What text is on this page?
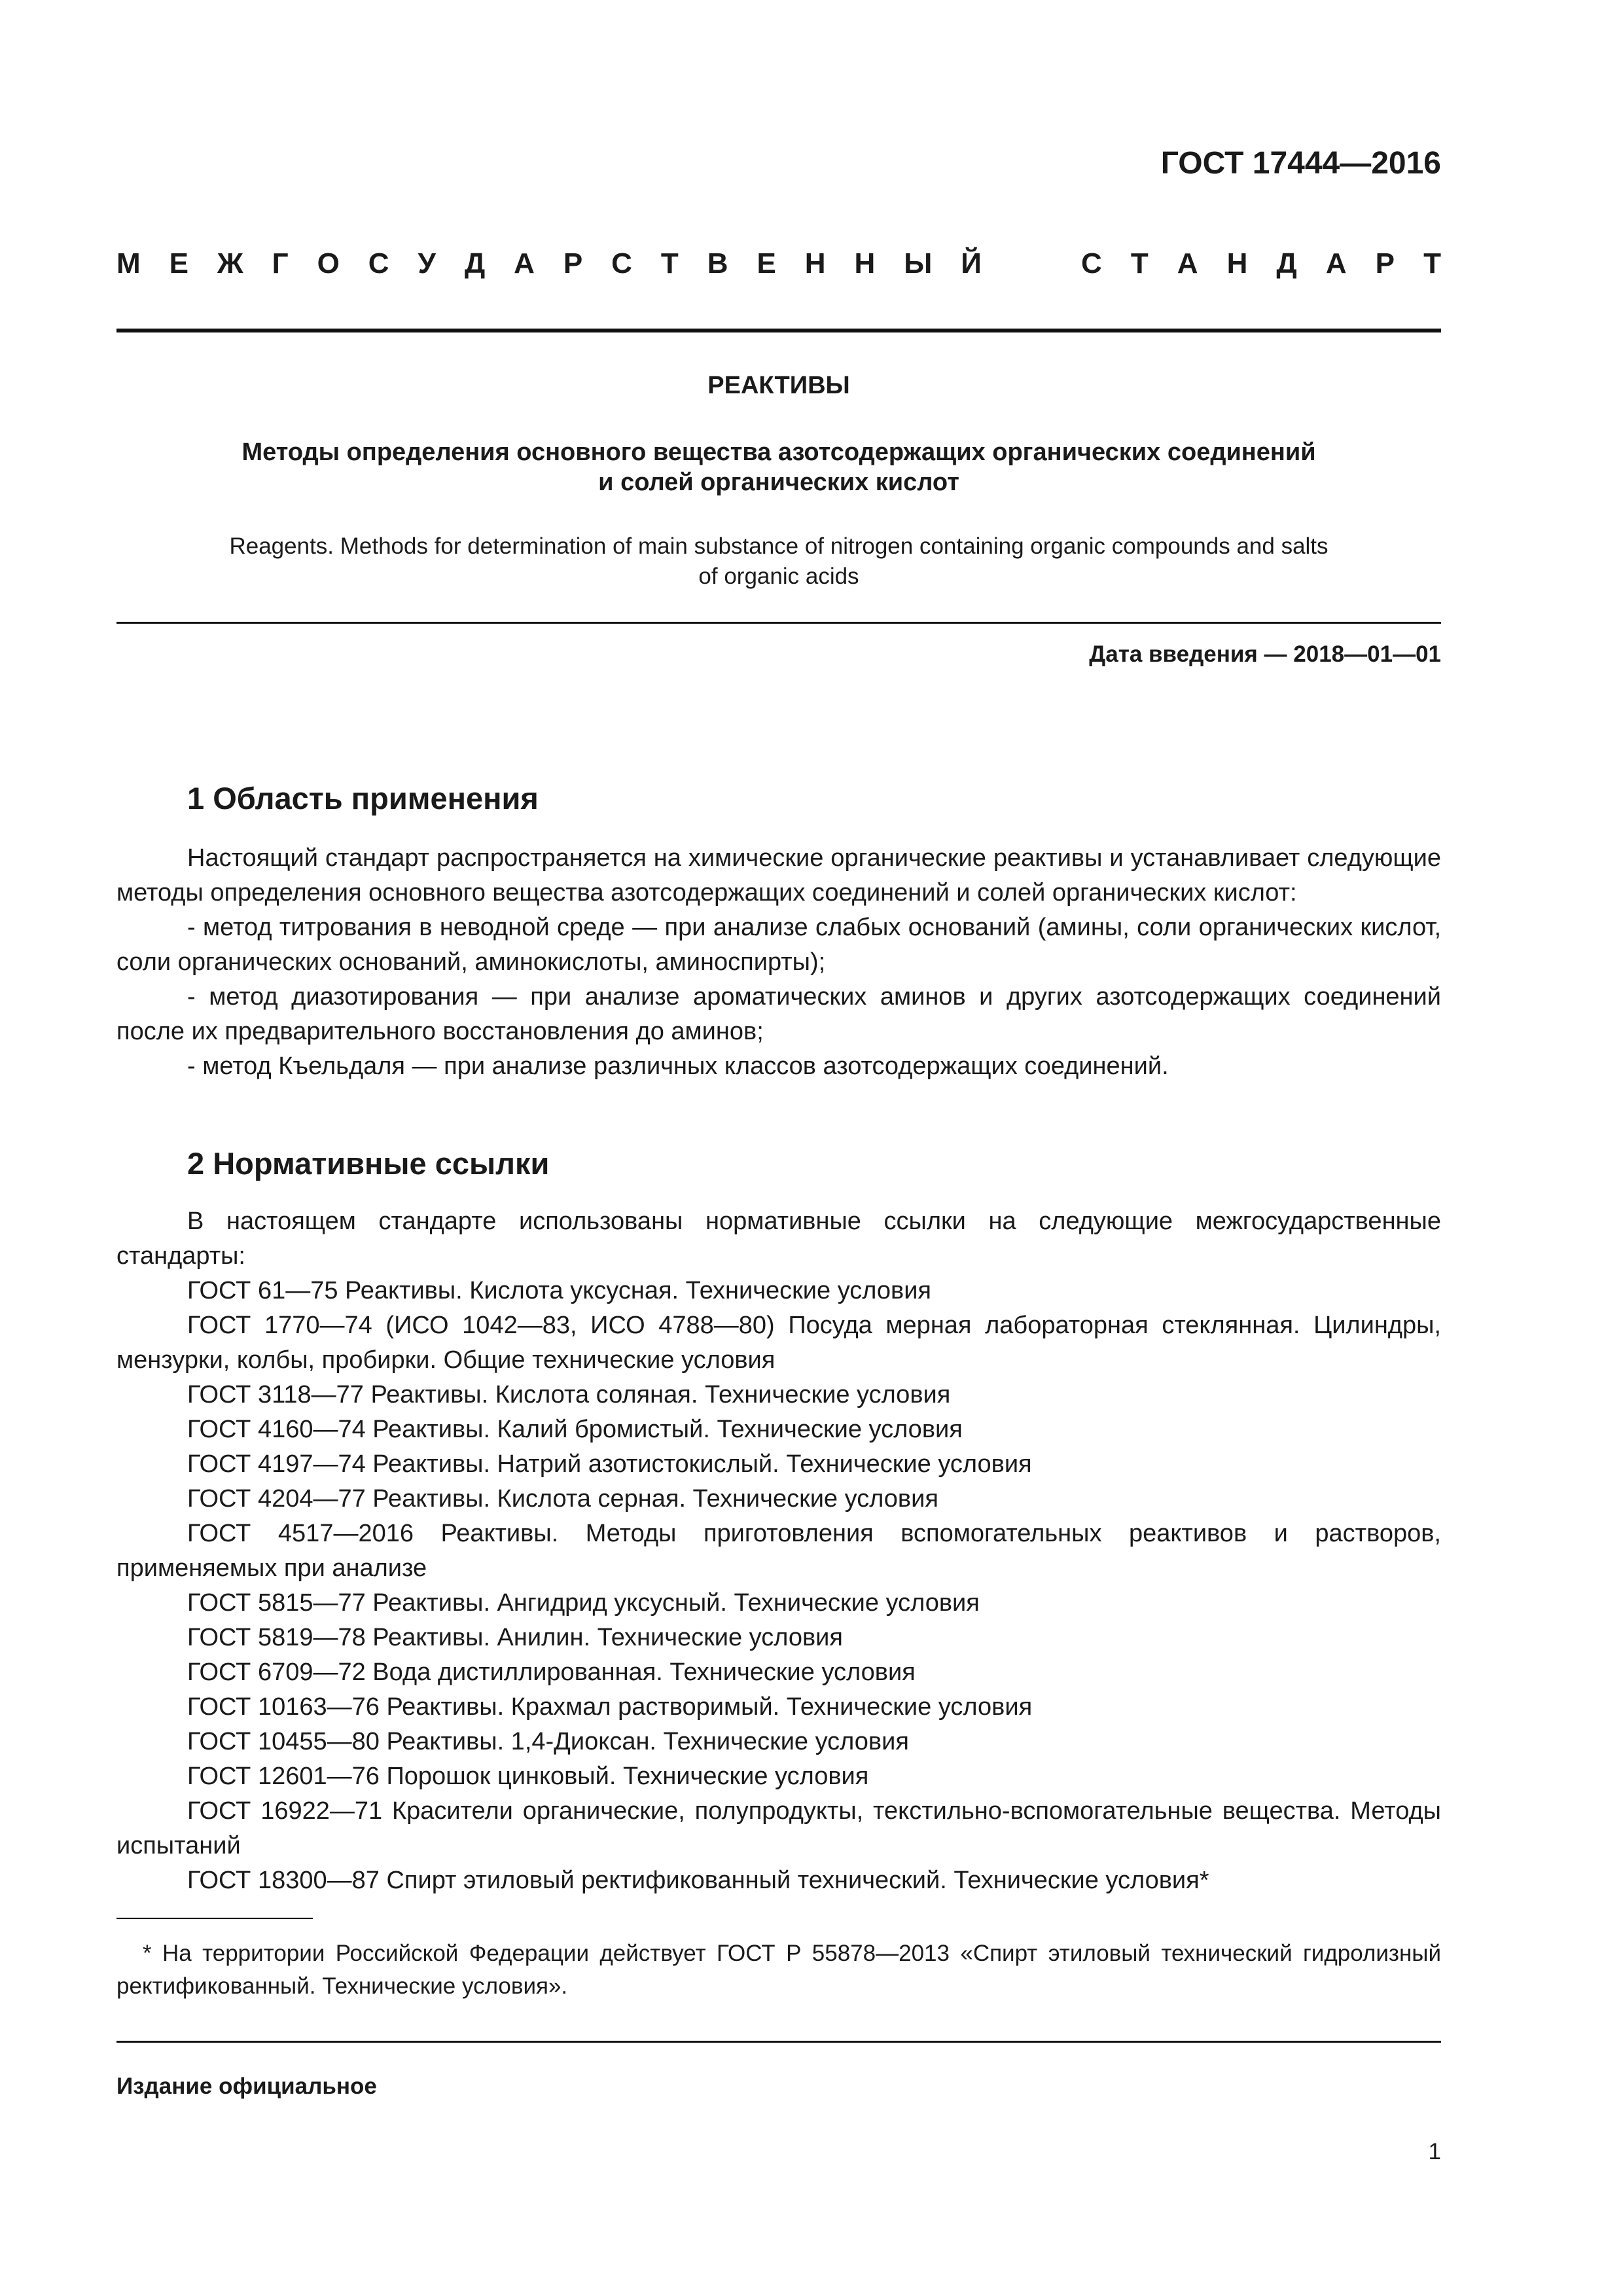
ГОСТ 17444—2016
М Е Ж Г О С У Д А Р С Т В Е Н Н Ы Й	С Т А Н Д А Р Т
РЕАКТИВЫ
Методы определения основного вещества азотсодержащих органических соединений
и солей органических кислот
Reagents. Methods for determination of main substance of nitrogen containing organic compounds and salts
of organic acids
Дата введения — 2018—01—01
1 Область применения

Настоящий стандарт распространяется на химические органические реактивы и устанавливает следующие методы определения основного вещества азотсодержащих соединений и солей органических кислот:

- метод титрования в неводной среде — при анализе слабых оснований (амины, соли органических кислот, соли органических оснований, аминокислоты, аминоспирты);

- метод диазотирования — при анализе ароматических аминов и других азотсодержащих соединений после их предварительного восстановления до аминов;

- метод Къельдаля — при анализе различных классов азотсодержащих соединений.

2 Нормативные ссылки

В настоящем стандарте использованы нормативные ссылки на следующие межгосударственные стандарты:

ГОСТ 61—75 Реактивы. Кислота уксусная. Технические условия

ГОСТ 1770—74 (ИСО 1042—83, ИСО 4788—80) Посуда мерная лабораторная стеклянная. Цилиндры, мензурки, колбы, пробирки. Общие технические условия

ГОСТ 3118—77 Реактивы. Кислота соляная. Технические условия

ГОСТ 4160—74 Реактивы. Калий бромистый. Технические условия

ГОСТ 4197—74 Реактивы. Натрий азотистокислый. Технические условия

ГОСТ 4204—77 Реактивы. Кислота серная. Технические условия

ГОСТ 4517—2016 Реактивы. Методы приготовления вспомогательных реактивов и растворов, применяемых при анализе

ГОСТ 5815—77 Реактивы. Ангидрид уксусный. Технические условия

ГОСТ 5819—78 Реактивы. Анилин. Технические условия

ГОСТ 6709—72 Вода дистиллированная. Технические условия

ГОСТ 10163—76 Реактивы. Крахмал растворимый. Технические условия

ГОСТ 10455—80 Реактивы. 1,4-Диоксан. Технические условия

ГОСТ 12601—76 Порошок цинковый. Технические условия

ГОСТ 16922—71 Красители органические, полупродукты, текстильно-вспомогательные вещества. Методы испытаний

ГОСТ 18300—87 Спирт этиловый ректификованный технический. Технические условия*

* На территории Российской Федерации действует ГОСТ Р 55878—2013 «Спирт этиловый технический гидролизный ректификованный. Технические условия».

Издание официальное
1
